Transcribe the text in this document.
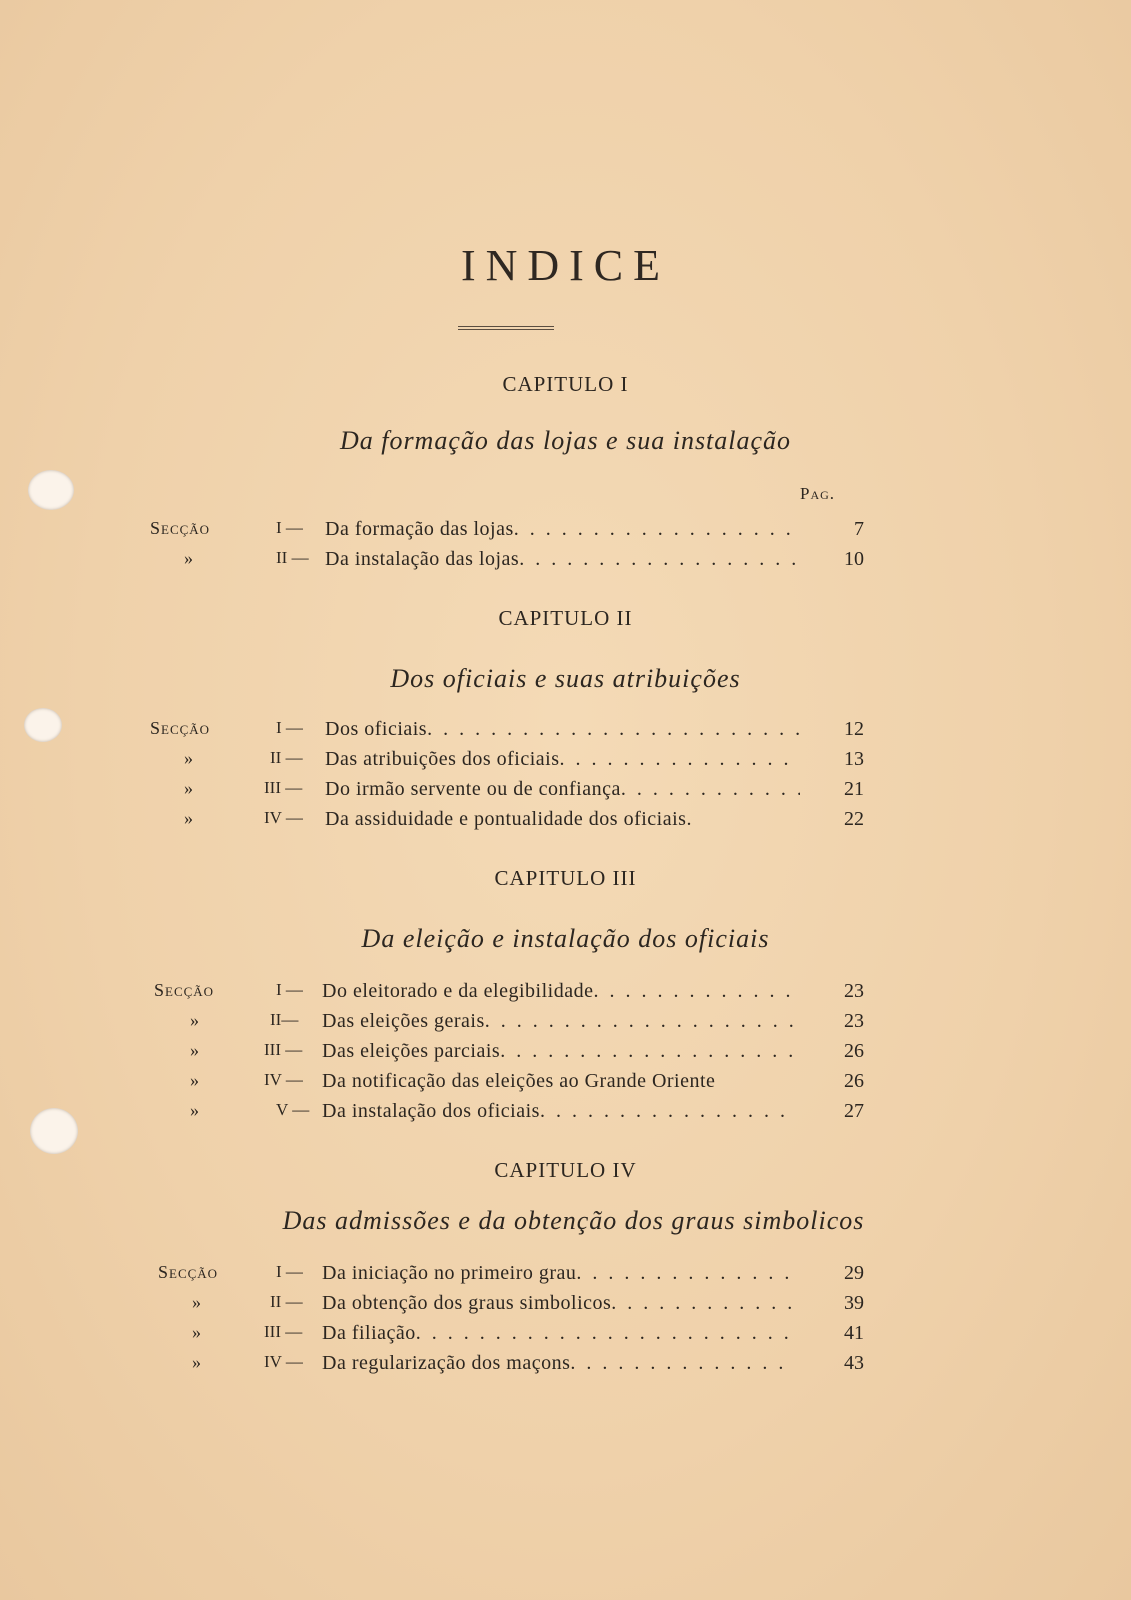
INDICE
CAPITULO I
Da formação das lojas e sua instalação
Pag.
Secção	I — Da formação das lojas . . .	7
»	II — Da instalação das lojas . . .	10
CAPITULO II
Dos oficiais e suas atribuições
Secção	I — Dos oficiais . . .	12
»	II — Das atribuições dos oficiais . . .	13
»	III — Do irmão servente ou de confiança . . .	21
»	IV — Da assiduidade e pontualidade dos oficiais.	22
CAPITULO III
Da eleição e instalação dos oficiais
Secção	I — Do eleitorado e da elegibilidade . . .	23
»	II— Das eleições gerais . . .	23
»	III — Das eleições parciais . . .	26
»	IV — Da notificação das eleições ao Grande Oriente	26
»	V — Da instalação dos oficiais . . .	27
CAPITULO IV
Das admissões e da obtenção dos graus simbolicos
Secção	I — Da iniciação no primeiro grau . . .	29
»	II — Da obtenção dos graus simbolicos . . .	39
»	III — Da filiação . . .	41
»	IV — Da regularização dos maçons . . .	43
